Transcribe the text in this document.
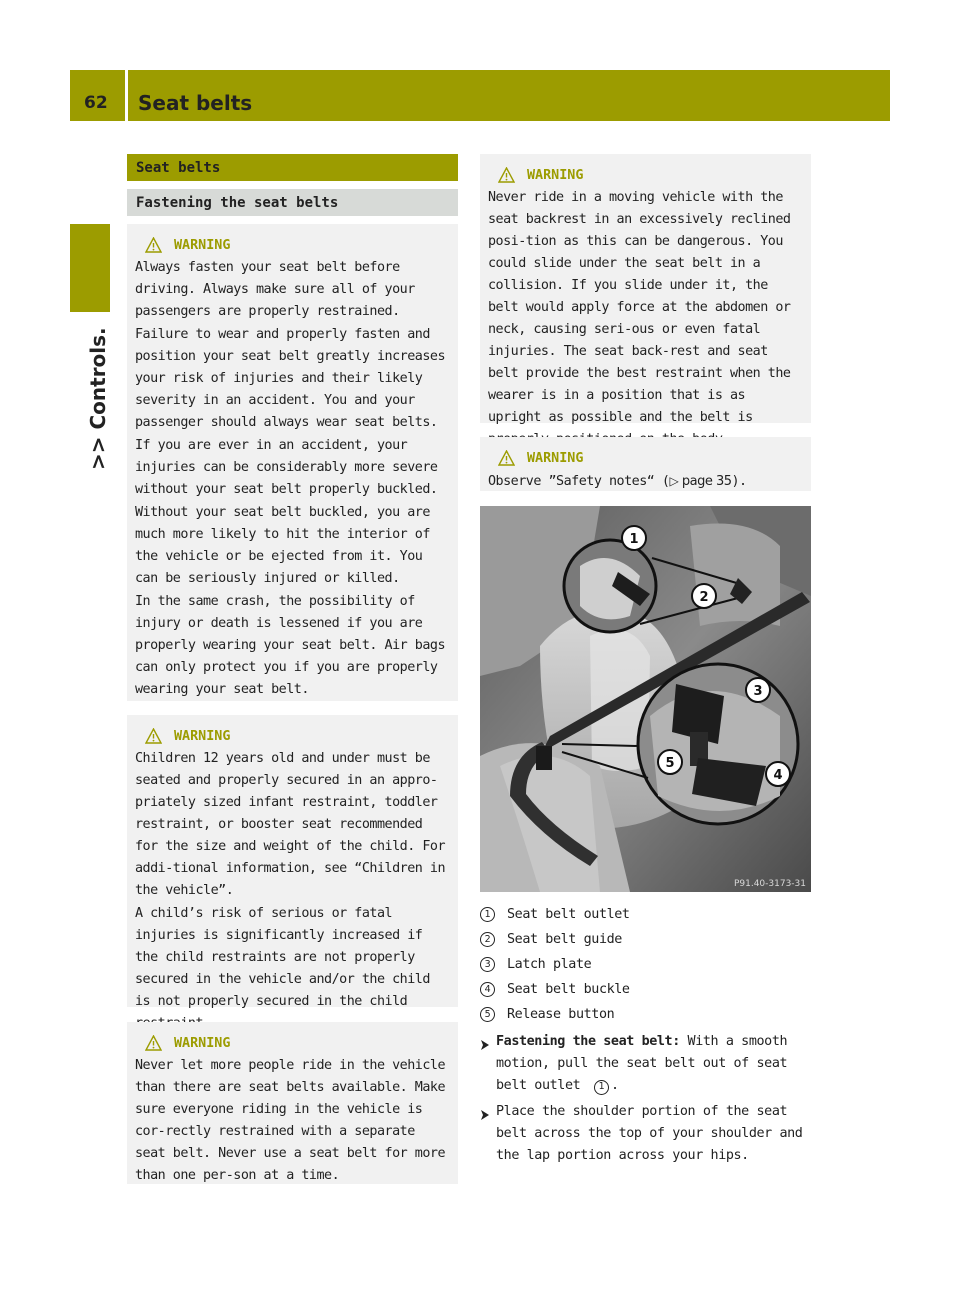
62 Seat belts
>> Controls.
Seat belts
Fastening the seat belts
WARNING

Always fasten your seat belt before driving. Always make sure all of your passengers are properly restrained.

Failure to wear and properly fasten and position your seat belt greatly increases your risk of injuries and their likely severity in an accident. You and your passenger should always wear seat belts.

If you are ever in an accident, your injuries can be considerably more severe without your seat belt properly buckled.

Without your seat belt buckled, you are much more likely to hit the interior of the vehicle or be ejected from it. You can be seriously injured or killed.

In the same crash, the possibility of injury or death is lessened if you are properly wearing your seat belt. Air bags can only protect you if you are properly wearing your seat belt.

WARNING

Children 12 years old and under must be seated and properly secured in an appro-priately sized infant restraint, toddler restraint, or booster seat recommended for the size and weight of the child. For addi-tional information, see “Children in the vehicle”.

A child’s risk of serious or fatal injuries is significantly increased if the child restraints are not properly secured in the vehicle and/or the child is not properly secured in the child

WARNING

Never let more people ride in the vehicle than there are seat belts available. Make sure everyone riding in the vehicle is cor-rectly restrained with a separate seat belt. Never use a seat belt for more than one per-son at a time.

WARNING

Never ride in a moving vehicle with the seat backrest in an excessively reclined posi-tion as this can be dangerous. You could slide under the seat belt in a collision. If you slide under it, the belt would apply force at the abdomen or neck, causing seri-ous or even fatal injuries. The seat back-rest and seat belt provide the best restraint when the wearer is in a position that is as upright as possible and the belt is

WARNING

Observe ”Safety notes“ (▷ page 35).

1
2
3
4
5
P91.40-3173-31
1	Seat belt outlet
2	Seat belt guide
3	Latch plate
4	Seat belt buckle
5	Release button
Fastening the seat belt: With a smooth motion, pull the seat belt out of seat belt outlet 1 .
Place the shoulder portion of the seat belt across the top of your shoulder and the lap portion across your hips.
